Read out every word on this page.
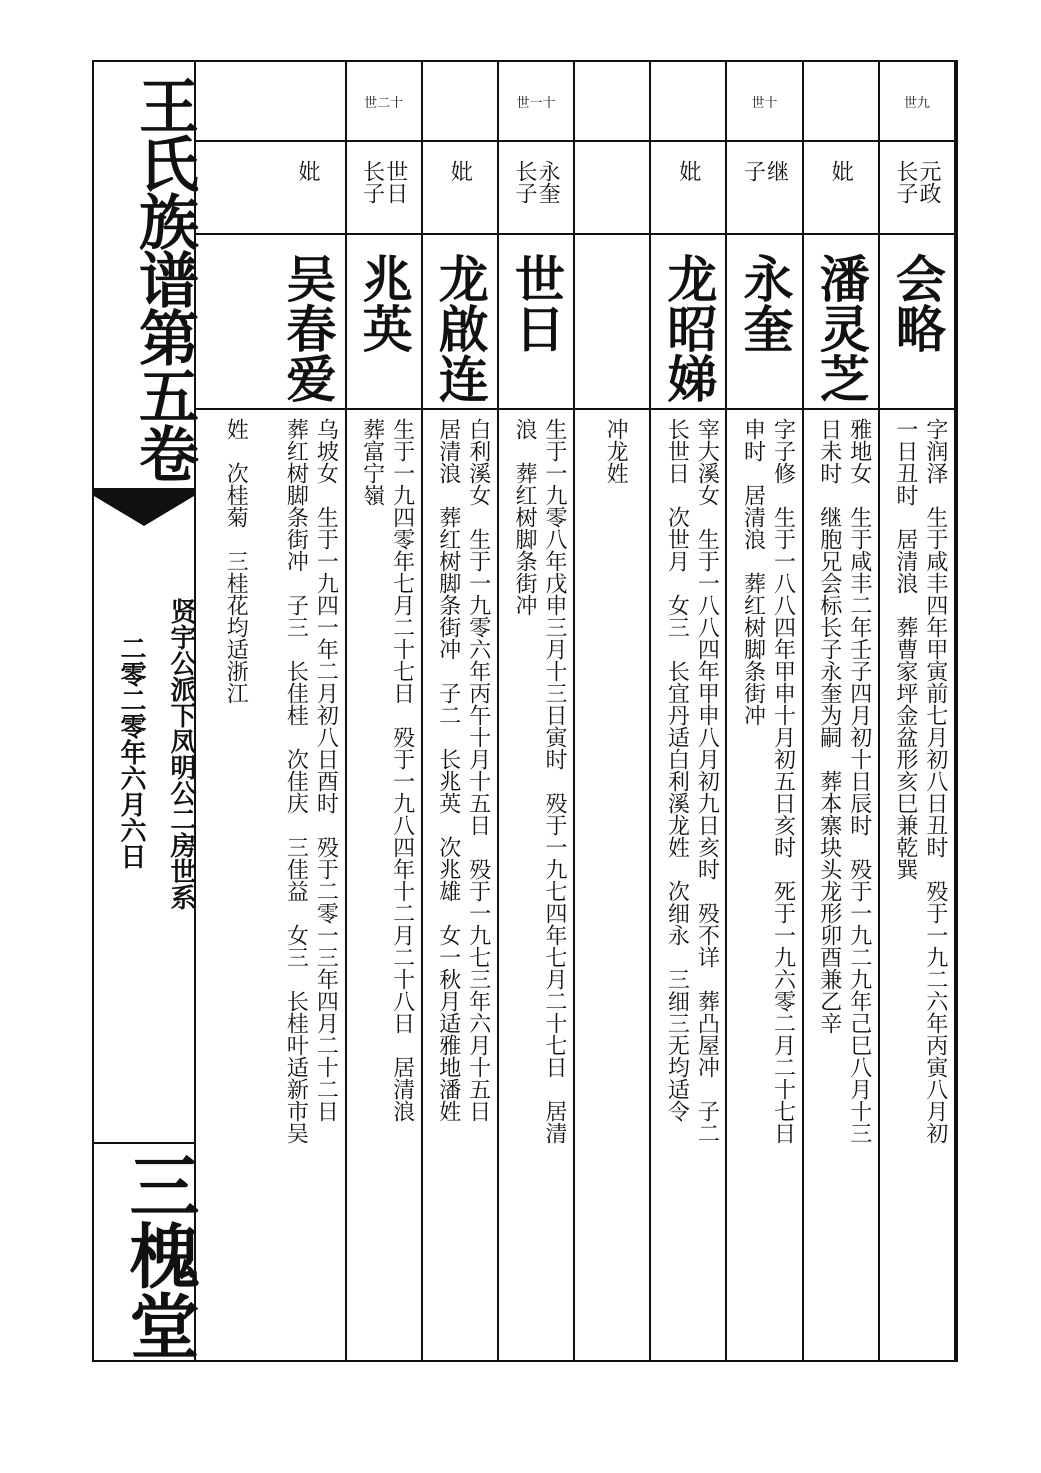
王氏族谱第五卷
贤宇公派下凤明公二房世系
二零二零年六月六日
三槐堂
世九
元政
长子
会略
字润泽　生于咸丰四年甲寅前七月初八日丑时　殁于一九二六年丙寅八月初
一日丑时　居清浪　葬曹家坪金盆形亥巳兼乾巽
妣
潘灵芝
雅地女　生于咸丰二年壬子四月初十日辰时　殁于一九二九年己巳八月十三
日未时　继胞兄会标长子永奎为嗣　葬本寨块头龙形卯酉兼乙辛
世十
继
子
永奎
字子修　生于一八八四年甲申十月初五日亥时　死于一九六零二月二十七日
申时　居清浪　葬红树脚条街冲
妣
龙昭娣
宰大溪女　生于一八八四年甲申八月初九日亥时　殁不详　葬凸屋冲　子二
长世日　次世月　女三　长宜丹适白利溪龙姓　次细永　三细三无均适令
冲龙姓
世一十
永奎
长子
世日
生于一九零八年戊申三月十三日寅时　殁于一九七四年七月二十七日　居清
浪　葬红树脚条街冲
妣
龙啟连
白利溪女　生于一九零六年丙午十月十五日　殁于一九七三年六月十五日
居清浪　葬红树脚条街冲　子二　长兆英　次兆雄　女一秋月适雅地潘姓
世二十
世日
长子
兆英
生于一九四零年七月二十七日　殁于一九八四年十二月二十八日　居清浪
葬富宁嶺
妣
吴春爱
乌坡女　生于一九四一年二月初八日酉时　殁于二零一三年四月二十二日
葬红树脚条街冲　子三　长佳桂　次佳庆　三佳益　女三　长桂叶适新市吴
姓　次桂菊　三桂花均适浙江
